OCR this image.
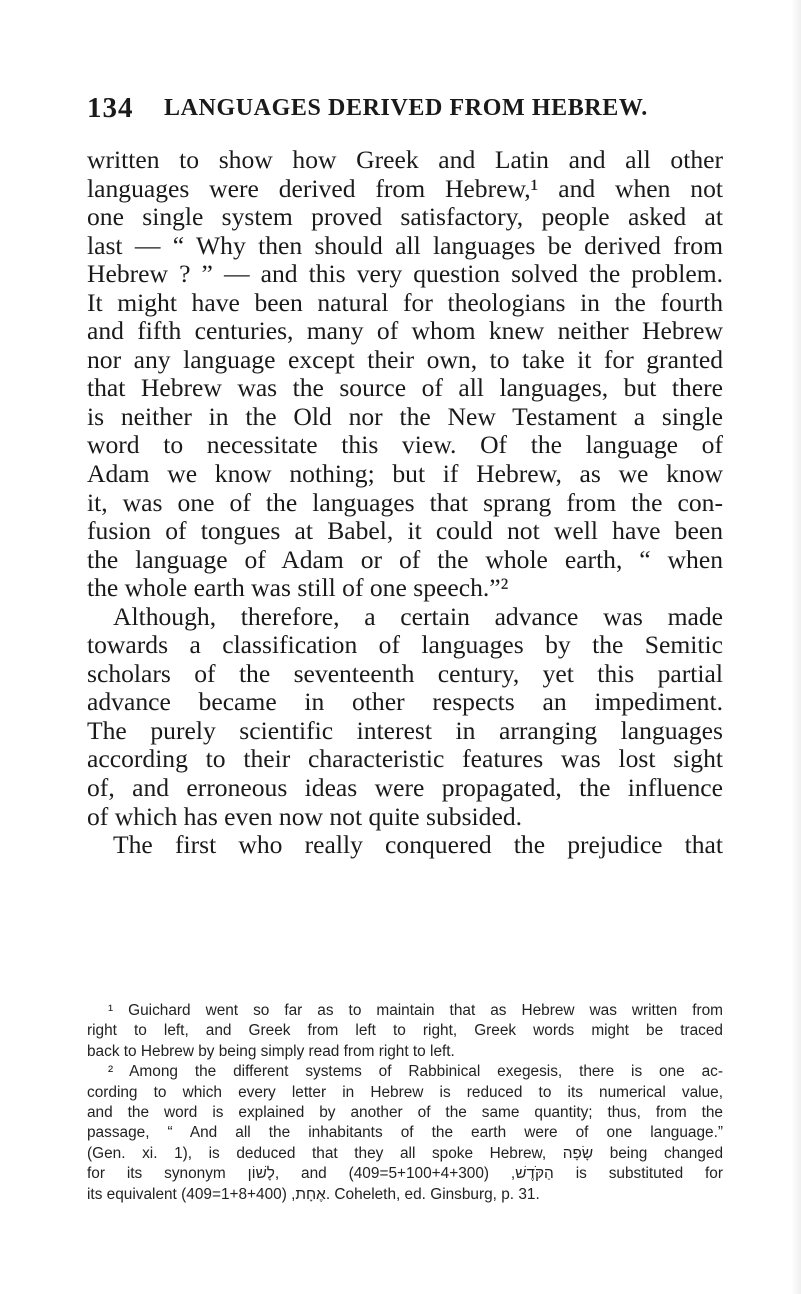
134 LANGUAGES DERIVED FROM HEBREW.
written to show how Greek and Latin and all other
languages were derived from Hebrew,¹ and when not
one single system proved satisfactory, people asked at
last — “ Why then should all languages be derived from
Hebrew ? ” — and this very question solved the problem.
It might have been natural for theologians in the fourth
and fifth centuries, many of whom knew neither Hebrew
nor any language except their own, to take it for granted
that Hebrew was the source of all languages, but there
is neither in the Old nor the New Testament a single
word to necessitate this view. Of the language of
Adam we know nothing; but if Hebrew, as we know
it, was one of the languages that sprang from the con-
fusion of tongues at Babel, it could not well have been
the language of Adam or of the whole earth, “ when
the whole earth was still of one speech.”²
Although, therefore, a certain advance was made
towards a classification of languages by the Semitic
scholars of the seventeenth century, yet this partial
advance became in other respects an impediment.
The purely scientific interest in arranging languages
according to their characteristic features was lost sight
of, and erroneous ideas were propagated, the influence
of which has even now not quite subsided.
The first who really conquered the prejudice that
¹ Guichard went so far as to maintain that as Hebrew was written from
right to left, and Greek from left to right, Greek words might be traced
back to Hebrew by being simply read from right to left.
² Among the different systems of Rabbinical exegesis, there is one ac-
cording to which every letter in Hebrew is reduced to its numerical value,
and the word is explained by another of the same quantity; thus, from the
passage, “ And all the inhabitants of the earth were of one language.”
(Gen. xi. 1), is deduced that they all spoke Hebrew, שָׂפָה being changed
for its synonym לָשׁוֹן, and הַקֹּדֶשׁ, (5+100+4+300=409) is substituted for
its equivalent אֶחָת, (1+8+400=409). Coheleth, ed. Ginsburg, p. 31.
